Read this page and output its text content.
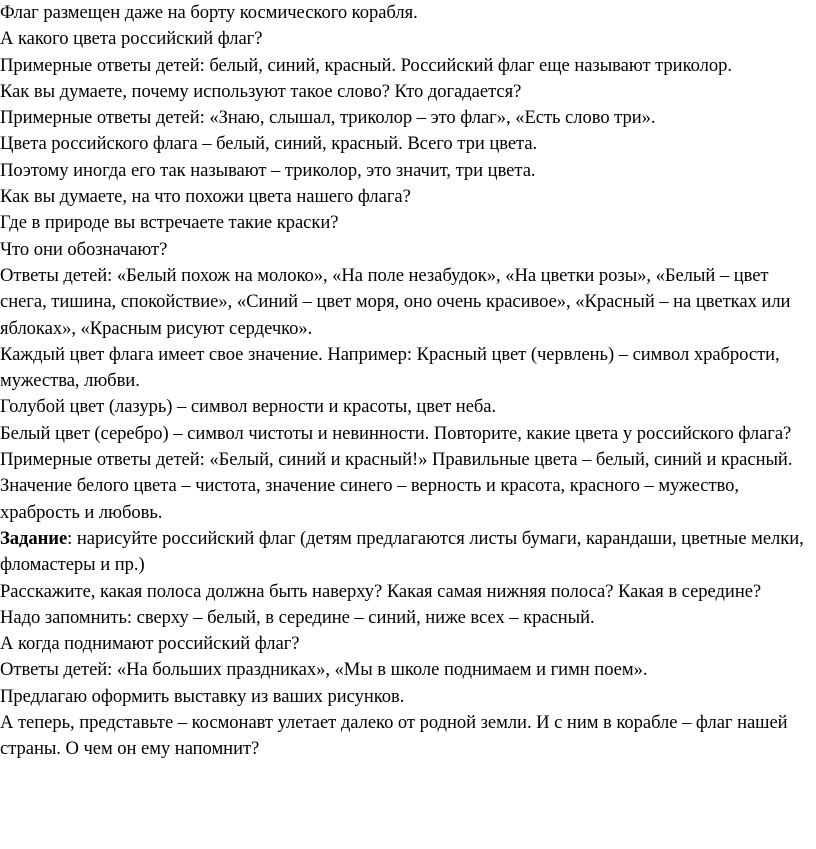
Флаг размещен даже на борту космического корабля.

А какого цвета российский флаг?

Примерные ответы детей: белый, синий, красный. Российский флаг еще называют триколор.

Как вы думаете, почему используют такое слово? Кто догадается?

Примерные ответы детей: «Знаю, слышал, триколор – это флаг», «Есть слово три».

Цвета российского флага – белый, синий, красный. Всего три цвета.

Поэтому иногда его так называют – триколор, это значит, три цвета.

Как вы думаете, на что похожи цвета нашего флага?

Где в природе вы встречаете такие краски?

Что они обозначают?

Ответы детей: «Белый похож на молоко», «На поле незабудок», «На цветки розы», «Белый – цвет снега, тишина, спокойствие», «Синий – цвет моря, оно очень красивое», «Красный – на цветках или яблоках», «Красным рисуют сердечко».

Каждый цвет флага имеет свое значение. Например: Красный цвет (червлень) – символ храбрости, мужества, любви.

Голубой цвет (лазурь) – символ верности и красоты, цвет неба.

Белый цвет (серебро) – символ чистоты и невинности. Повторите, какие цвета у российского флага?

Примерные ответы детей: «Белый, синий и красный!» Правильные цвета – белый, синий и красный.

Значение белого цвета – чистота, значение синего – верность и красота, красного – мужество, храбрость и любовь.

Задание: нарисуйте российский флаг (детям предлагаются листы бумаги, карандаши, цветные мелки, фломастеры и пр.)

Расскажите, какая полоса должна быть наверху? Какая самая нижняя полоса? Какая в середине?

Надо запомнить: сверху – белый, в середине – синий, ниже всех – красный.

А когда поднимают российский флаг?

Ответы детей: «На больших праздниках», «Мы в школе поднимаем и гимн поем».

Предлагаю оформить выставку из ваших рисунков.

А теперь, представьте – космонавт улетает далеко от родной земли. И с ним в корабле – флаг нашей страны. О чем он ему напомнит?
